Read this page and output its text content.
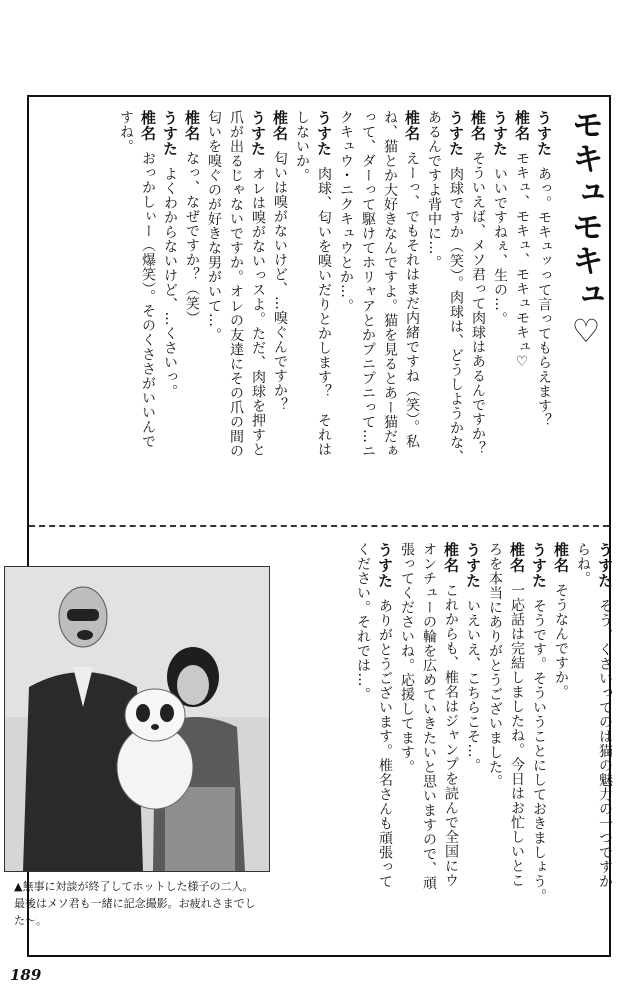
モキュモキュ♡
うすたあっ。モキュッって言ってもらえます？
椎名モキュ、モキュ、モキュモキュ♡
うすたいいですねぇ、生の…。
椎名そういえば、メソ君って肉球はあるんですか？
うすた肉球ですか（笑）。肉球は、どうしようかな、
あるんですよ背中に…。
椎名えーっ、でもそれはまだ内緒ですね（笑）。私
ね、猫とか大好きなんですよ。猫を見るとあー猫だぁ
って、ダーって駆けてホリャアとかプニプニって…ニ
クキュウ・ニクキュウとか…。
うすた肉球、匂いを嗅いだりとかします？　それは
しないか。
椎名匂いは嗅がないけど、…嗅ぐんですか？
うすたオレは嗅がないっスよ。ただ、肉球を押すと
爪が出るじゃないですか。オレの友達にその爪の間の
匂いを嗅ぐのが好きな男がいて…。
椎名なっ、なぜですか？（笑）
うすたよくわからないけど、…くさいっ。
椎名おっかしぃー（爆笑）。そのくささがいいんで
すね。
うすたそう、くさいってのは猫の魅力の一つですか
らね。
椎名そうなんですか。
うすたそうです。そういうことにしておきましょう。
椎名一応話は完結しましたね。今日はお忙しいとこ
ろを本当にありがとうございました。
うすたいえいえ、こちらこそ…。
椎名これからも、椎名はジャンプを読んで全国にウ
オンチューの輪を広めていきたいと思いますので、頑
張ってくださいね。応援してます。
うすたありがとうございます。椎名さんも頑張って
ください。それでは…。
▲無事に対談が終了してホットした様子の二人。最後はメソ君も一緒に記念撮影。お疲れさまでした〜。
189
